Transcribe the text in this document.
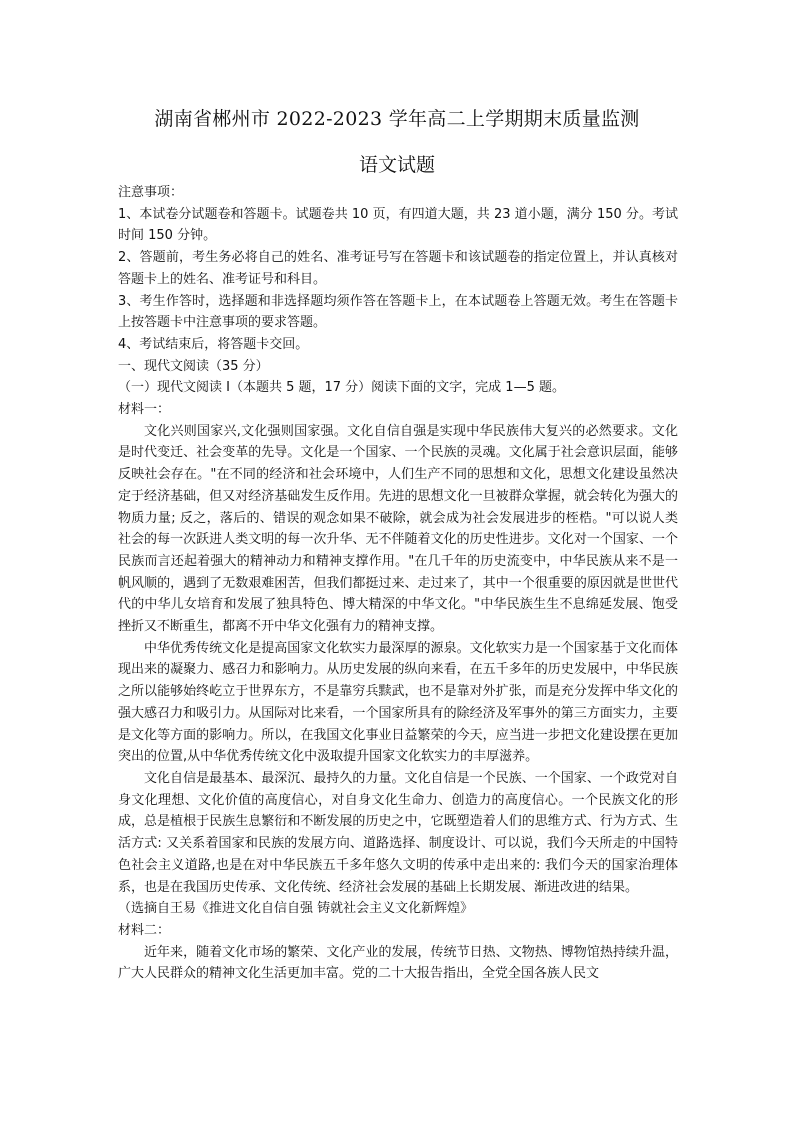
湖南省郴州市 2022-2023 学年高二上学期期末质量监测
语文试题

注意事项：

1、本试卷分试题卷和答题卡。试题卷共 10 页，有四道大题，共 23 道小题，满分 150 分。考试时间 150 分钟。

2、答题前，考生务必将自己的姓名、准考证号写在答题卡和该试题卷的指定位置上，并认真核对答题卡上的姓名、准考证号和科目。

3、考生作答时，选择题和非选择题均须作答在答题卡上，在本试题卷上答题无效。考生在答题卡上按答题卡中注意事项的要求答题。

4、考试结束后，将答题卡交回。

一、现代文阅读（35 分）

（一）现代文阅读 I（本题共 5 题，17 分）阅读下面的文字，完成 1—5 题。

材料一：

文化兴则国家兴,文化强则国家强。文化自信自强是实现中华民族伟大复兴的必然要求。文化是时代变迁、社会变革的先导。文化是一个国家、一个民族的灵魂。文化属于社会意识层面，能够反映社会存在。"在不同的经济和社会环境中，人们生产不同的思想和文化，思想文化建设虽然决定于经济基础，但又对经济基础发生反作用。先进的思想文化一旦被群众掌握，就会转化为强大的物质力量; 反之，落后的、错误的观念如果不破除，就会成为社会发展进步的桎梏。"可以说人类社会的每一次跃进人类文明的每一次升华、无不伴随着文化的历史性进步。文化对一个国家、一个民族而言还起着强大的精神动力和精神支撑作用。"在几千年的历史流变中，中华民族从来不是一帆风顺的，遇到了无数艰难困苦，但我们都挺过来、走过来了，其中一个很重要的原因就是世世代代的中华儿女培育和发展了独具特色、博大精深的中华文化。"中华民族生生不息绵延发展、饱受挫折又不断重生，都离不开中华文化强有力的精神支撑。

中华优秀传统文化是提高国家文化软实力最深厚的源泉。文化软实力是一个国家基于文化而体现出来的凝聚力、感召力和影响力。从历史发展的纵向来看，在五千多年的历史发展中，中华民族之所以能够始终屹立于世界东方，不是靠穷兵黩武，也不是靠对外扩张，而是充分发挥中华文化的强大感召力和吸引力。从国际对比来看，一个国家所具有的除经济及军事外的第三方面实力，主要是文化等方面的影响力。所以，在我国文化事业日益繁荣的今天，应当进一步把文化建设摆在更加突出的位置,从中华优秀传统文化中汲取提升国家文化软实力的丰厚滋养。

文化自信是最基本、最深沉、最持久的力量。文化自信是一个民族、一个国家、一个政党对自身文化理想、文化价值的高度信心，对自身文化生命力、创造力的高度信心。一个民族文化的形成，总是植根于民族生息繁衍和不断发展的历史之中，它既塑造着人们的思维方式、行为方式、生活方式: 又关系着国家和民族的发展方向、道路选择、制度设计、可以说，我们今天所走的中国特色社会主义道路,也是在对中华民族五千多年悠久文明的传承中走出来的: 我们今天的国家治理体系，也是在我国历史传承、文化传统、经济社会发展的基础上长期发展、渐进改进的结果。

（选摘自王易《推进文化自信自强 铸就社会主义文化新辉煌》

材料二：

近年来，随着文化市场的繁荣、文化产业的发展，传统节日热、文物热、博物馆热持续升温，广大人民群众的精神文化生活更加丰富。党的二十大报告指出，全党全国各族人民文
